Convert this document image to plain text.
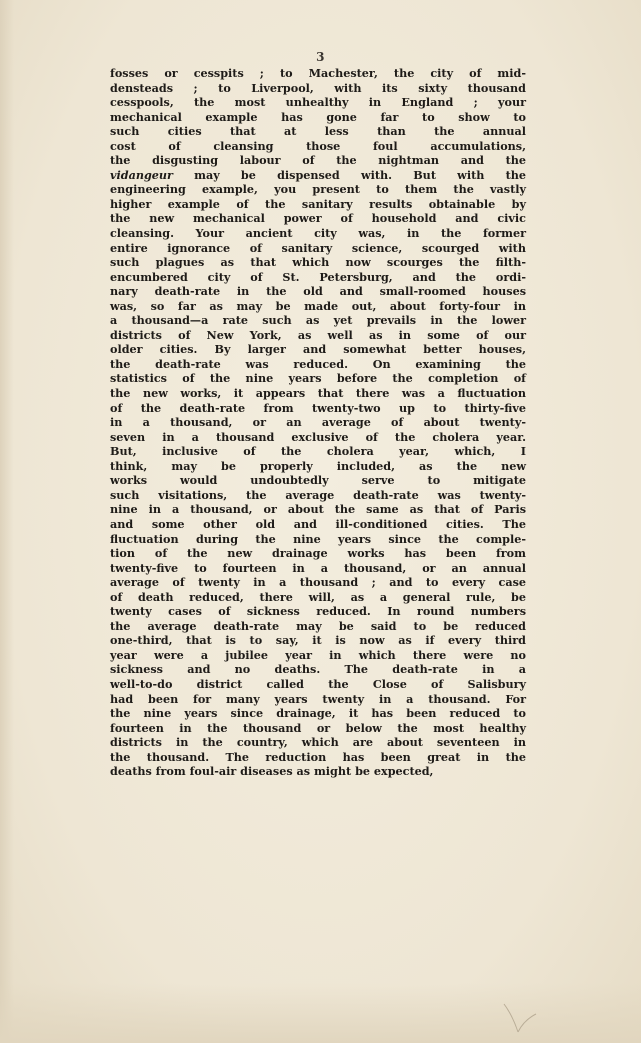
3
fosses or cesspits ; to Machester, the city of mid-
densteads ; to Liverpool, with its sixty thousand
cesspools, the most unhealthy in England ; your
mechanical example has gone far to show to
such cities that at less than the annual
cost of cleansing those foul accumulations,
the disgusting labour of the nightman and the
vidangeur may be dispensed with. But with the
engineering example, you present to them the vastly
higher example of the sanitary results obtainable by
the new mechanical power of household and civic
cleansing. Your ancient city was, in the former
entire ignorance of sanitary science, scourged with
such plagues as that which now scourges the filth-
encumbered city of St. Petersburg, and the ordi-
nary death-rate in the old and small-roomed houses
was, so far as may be made out, about forty-four in
a thousand—a rate such as yet prevails in the lower
districts of New York, as well as in some of our
older cities. By larger and somewhat better houses,
the death-rate was reduced. On examining the
statistics of the nine years before the completion of
the new works, it appears that there was a fluctuation
of the death-rate from twenty-two up to thirty-five
in a thousand, or an average of about twenty-
seven in a thousand exclusive of the cholera year.
But, inclusive of the cholera year, which, I
think, may be properly included, as the new
works would undoubtedly serve to mitigate
such visitations, the average death-rate was twenty-
nine in a thousand, or about the same as that of Paris
and some other old and ill-conditioned cities. The
fluctuation during the nine years since the comple-
tion of the new drainage works has been from
twenty-five to fourteen in a thousand, or an annual
average of twenty in a thousand ; and to every case
of death reduced, there will, as a general rule, be
twenty cases of sickness reduced. In round numbers
the average death-rate may be said to be reduced
one-third, that is to say, it is now as if every third
year were a jubilee year in which there were no
sickness and no deaths. The death-rate in a
well-to-do district called the Close of Salisbury
had been for many years twenty in a thousand. For
the nine years since drainage, it has been reduced to
fourteen in the thousand or below the most healthy
districts in the country, which are about seventeen in
the thousand. The reduction has been great in the
deaths from foul-air diseases as might be expected,
